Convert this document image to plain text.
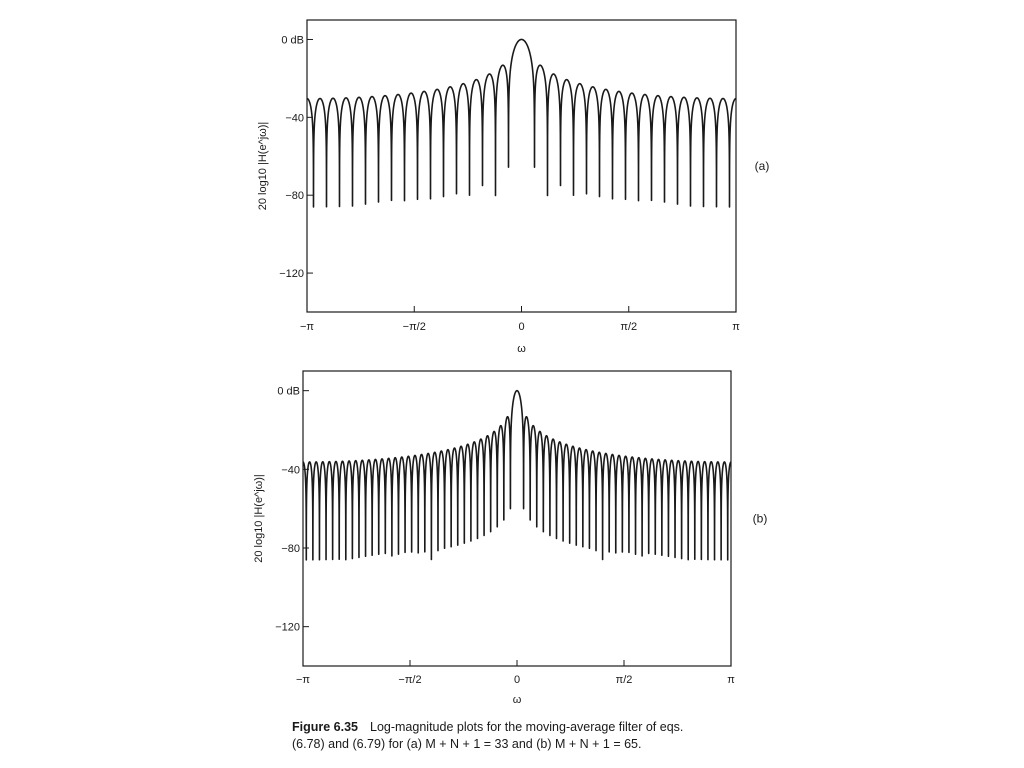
0 dB
−40
−80
−120
−π	−π/2	0	π/2	π
20 log10 |H(e^jω)|
ω
(a)
0 dB
−40
−80
−120
−π	−π/2	0	π/2	π
20 log10 |H(e^jω)|
ω
(b)
Figure 6.35 Log-magnitude plots for the moving-average filter of eqs.
(6.78) and (6.79) for (a) M + N + 1 = 33 and (b) M + N + 1 = 65.
